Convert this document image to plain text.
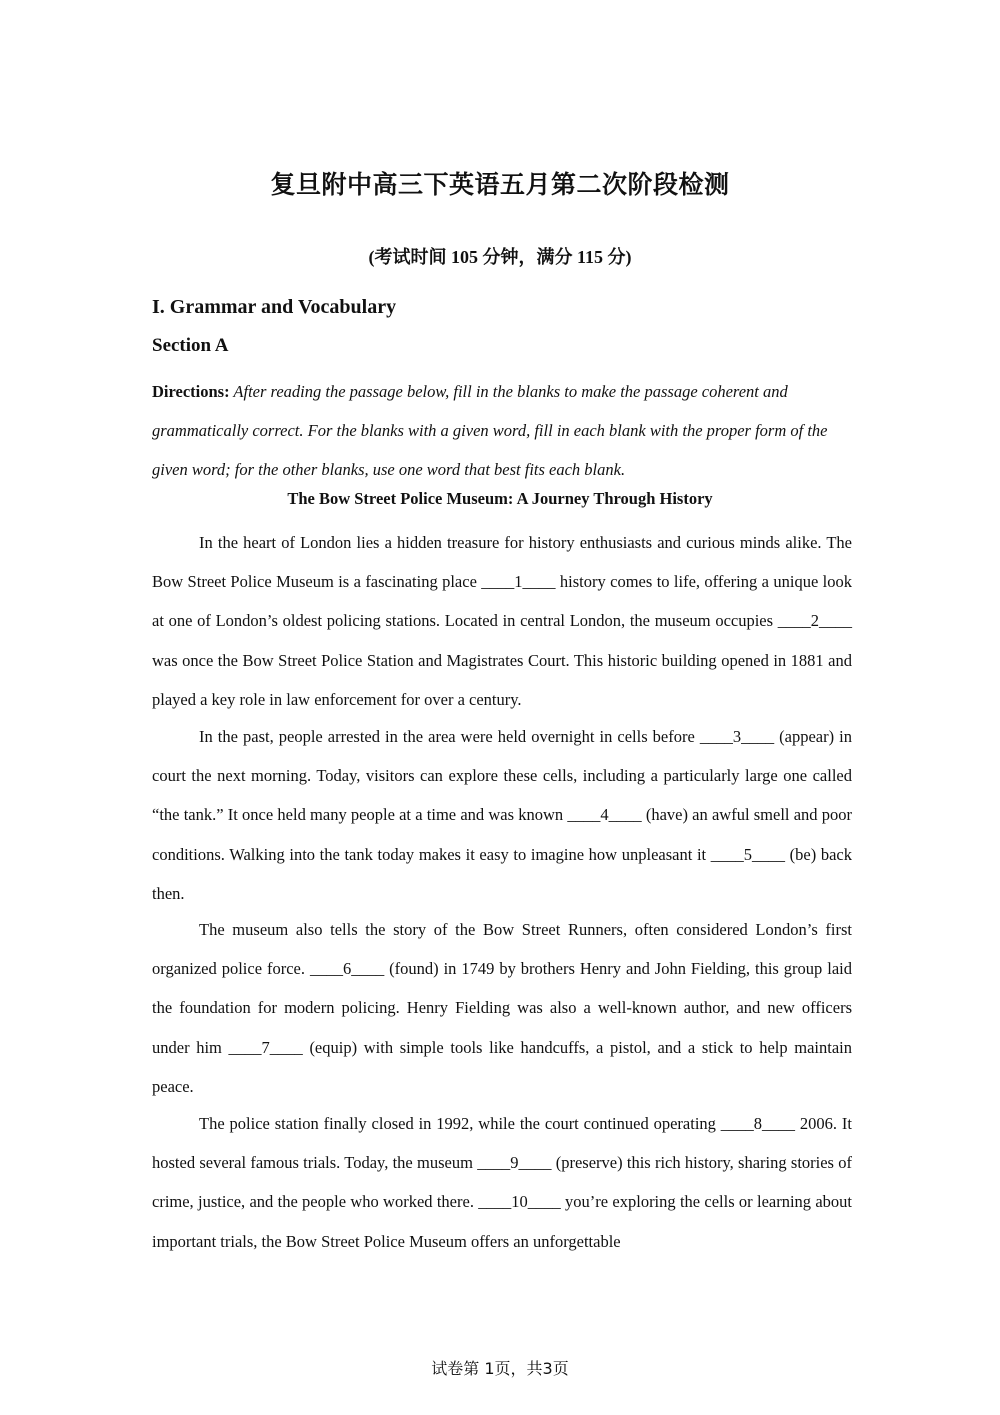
复旦附中高三下英语五月第二次阶段检测
(考试时间 105 分钟，满分 115 分)
I. Grammar and Vocabulary
Section A
Directions: After reading the passage below, fill in the blanks to make the passage coherent and grammatically correct. For the blanks with a given word, fill in each blank with the proper form of the given word; for the other blanks, use one word that best fits each blank.
The Bow Street Police Museum: A Journey Through History

In the heart of London lies a hidden treasure for history enthusiasts and curious minds alike. The Bow Street Police Museum is a fascinating place ____1____ history comes to life, offering a unique look at one of London’s oldest policing stations. Located in central London, the museum occupies ____2____ was once the Bow Street Police Station and Magistrates Court. This historic building opened in 1881 and played a key role in law enforcement for over a century.

In the past, people arrested in the area were held overnight in cells before ____3____ (appear) in court the next morning. Today, visitors can explore these cells, including a particularly large one called “the tank.” It once held many people at a time and was known ____4____ (have) an awful smell and poor conditions. Walking into the tank today makes it easy to imagine how unpleasant it ____5____ (be) back then.

The museum also tells the story of the Bow Street Runners, often considered London’s first organized police force. ____6____ (found) in 1749 by brothers Henry and John Fielding, this group laid the foundation for modern policing. Henry Fielding was also a well-known author, and new officers under him ____7____ (equip) with simple tools like handcuffs, a pistol, and a stick to help maintain peace.

The police station finally closed in 1992, while the court continued operating ____8____ 2006. It hosted several famous trials. Today, the museum ____9____ (preserve) this rich history, sharing stories of crime, justice, and the people who worked there. ____10____ you’re exploring the cells or learning about important trials, the Bow Street Police Museum offers an unforgettable

试卷第 1页，共3页
